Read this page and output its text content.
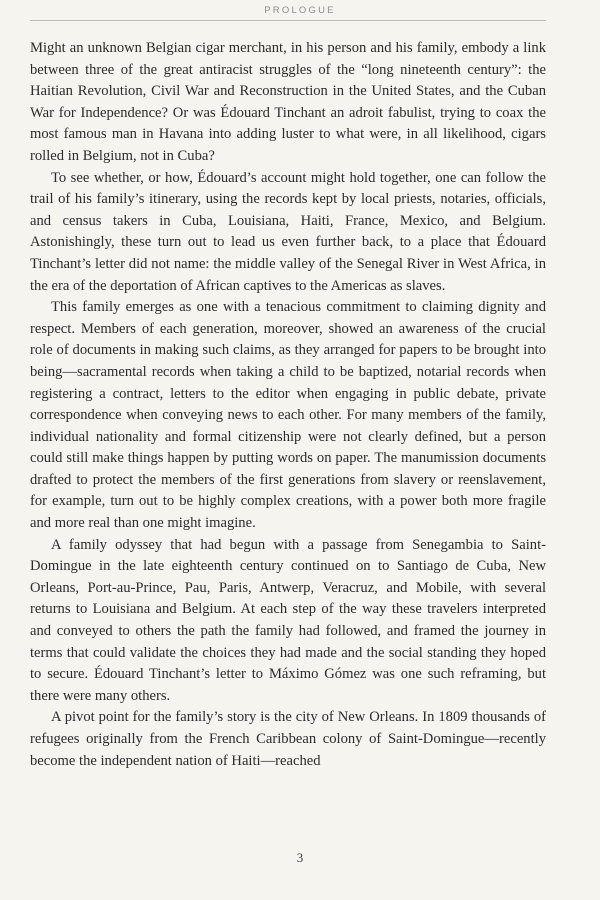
PROLOGUE

Might an unknown Belgian cigar merchant, in his person and his family, embody a link between three of the great antiracist struggles of the “long nineteenth century”: the Haitian Revolution, Civil War and Reconstruction in the United States, and the Cuban War for Independence? Or was Édouard Tinchant an adroit fabulist, trying to coax the most famous man in Havana into adding luster to what were, in all likelihood, cigars rolled in Belgium, not in Cuba?

To see whether, or how, Édouard’s account might hold together, one can follow the trail of his family’s itinerary, using the records kept by local priests, notaries, officials, and census takers in Cuba, Louisiana, Haiti, France, Mexico, and Belgium. Astonishingly, these turn out to lead us even further back, to a place that Édouard Tinchant’s letter did not name: the middle valley of the Senegal River in West Africa, in the era of the deportation of African captives to the Americas as slaves.

This family emerges as one with a tenacious commitment to claiming dignity and respect. Members of each generation, moreover, showed an awareness of the crucial role of documents in making such claims, as they arranged for papers to be brought into being—sacramental records when taking a child to be baptized, notarial records when registering a contract, letters to the editor when engaging in public debate, private correspondence when conveying news to each other. For many members of the family, individual nationality and formal citizenship were not clearly defined, but a person could still make things happen by putting words on paper. The manumission documents drafted to protect the members of the first generations from slavery or reenslavement, for example, turn out to be highly complex creations, with a power both more fragile and more real than one might imagine.

A family odyssey that had begun with a passage from Senegambia to Saint-Domingue in the late eighteenth century continued on to Santiago de Cuba, New Orleans, Port-au-Prince, Pau, Paris, Antwerp, Veracruz, and Mobile, with several returns to Louisiana and Belgium. At each step of the way these travelers interpreted and conveyed to others the path the family had followed, and framed the journey in terms that could validate the choices they had made and the social standing they hoped to secure. Édouard Tinchant’s letter to Máximo Gómez was one such reframing, but there were many others.

A pivot point for the family’s story is the city of New Orleans. In 1809 thousands of refugees originally from the French Caribbean colony of Saint-Domingue—recently become the independent nation of Haiti—reached

3
